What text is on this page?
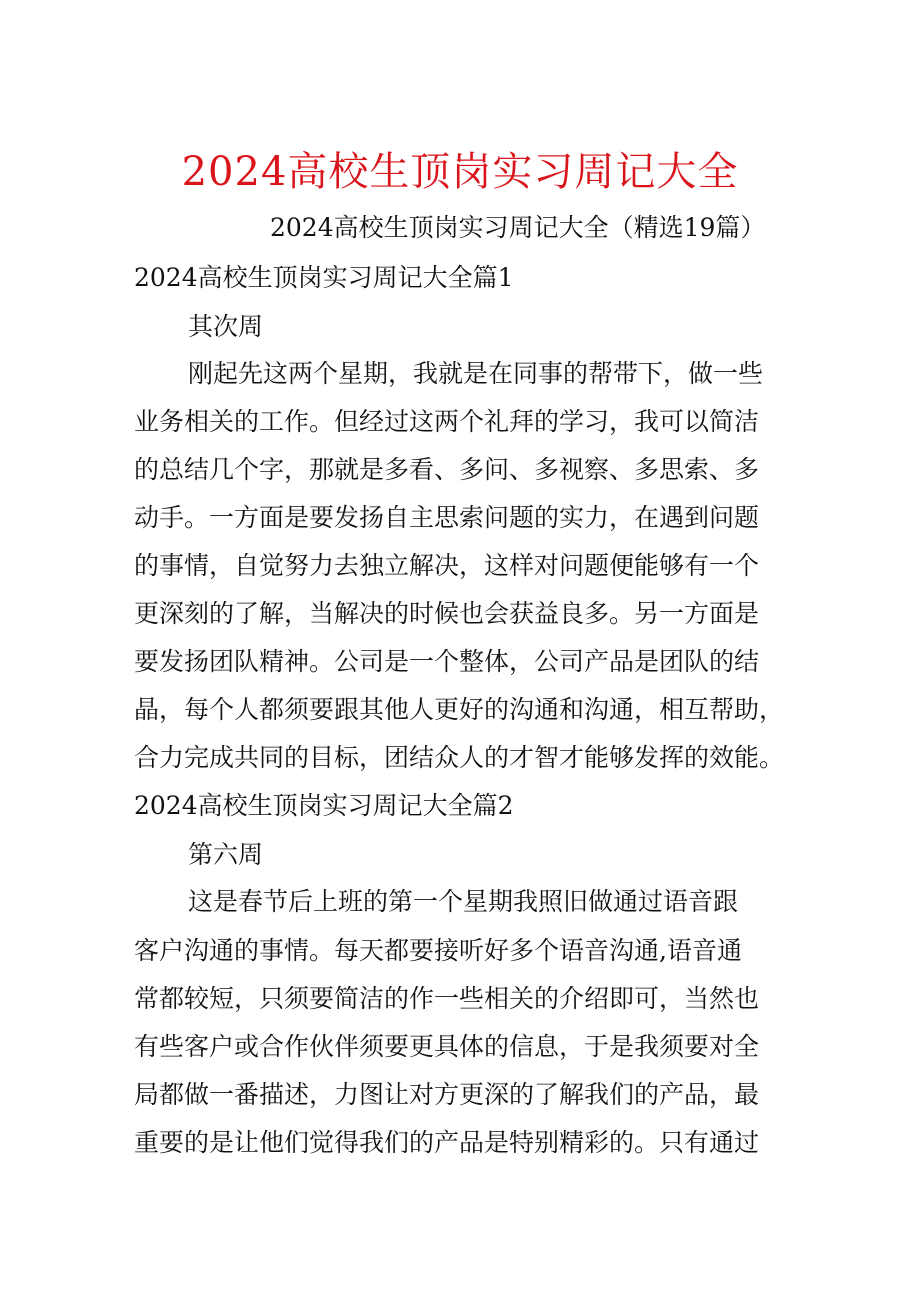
2024高校生顶岗实习周记大全
2024高校生顶岗实习周记大全（精选19篇）
2024高校生顶岗实习周记大全篇1
其次周
刚起先这两个星期，我就是在同事的帮带下，做一些
业务相关的工作。但经过这两个礼拜的学习，我可以简洁
的总结几个字，那就是多看、多问、多视察、多思索、多
动手。一方面是要发扬自主思索问题的实力，在遇到问题
的事情，自觉努力去独立解决，这样对问题便能够有一个
更深刻的了解，当解决的时候也会获益良多。另一方面是
要发扬团队精神。公司是一个整体，公司产品是团队的结
晶，每个人都须要跟其他人更好的沟通和沟通，相互帮助，
合力完成共同的目标，团结众人的才智才能够发挥的效能。
2024高校生顶岗实习周记大全篇2
第六周
这是春节后上班的第一个星期我照旧做通过语音跟
客户沟通的事情。每天都要接听好多个语音沟通,语音通
常都较短，只须要简洁的作一些相关的介绍即可，当然也
有些客户或合作伙伴须要更具体的信息，于是我须要对全
局都做一番描述，力图让对方更深的了解我们的产品，最
重要的是让他们觉得我们的产品是特别精彩的。只有通过
